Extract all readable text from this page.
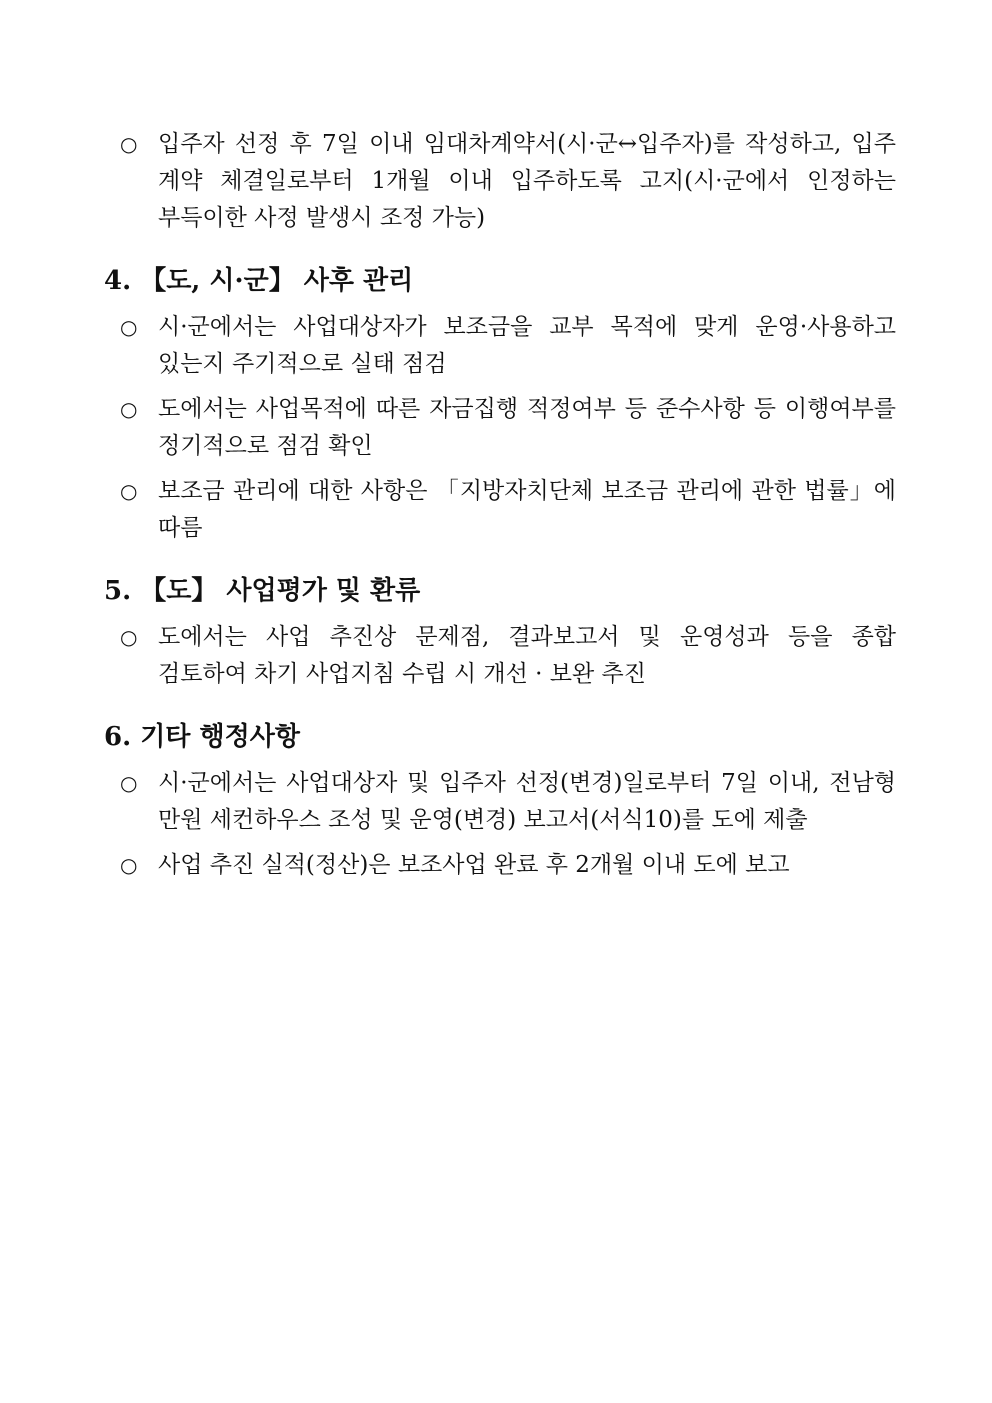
○ 입주자 선정 후 7일 이내 임대차계약서(시·군↔입주자)를 작성하고, 입주 계약 체결일로부터 1개월 이내 입주하도록 고지(시·군에서 인정하는 부득이한 사정 발생시 조정 가능)
4. 【도, 시·군】 사후 관리
○ 시·군에서는 사업대상자가 보조금을 교부 목적에 맞게 운영·사용하고 있는지 주기적으로 실태 점검
○ 도에서는 사업목적에 따른 자금집행 적정여부 등 준수사항 등 이행여부를 정기적으로 점검 확인
○ 보조금 관리에 대한 사항은 「지방자치단체 보조금 관리에 관한 법률」에 따름
5. 【도】 사업평가 및 환류
○ 도에서는 사업 추진상 문제점, 결과보고서 및 운영성과 등을 종합 검토하여 차기 사업지침 수립 시 개선 · 보완 추진
6. 기타 행정사항
○ 시·군에서는 사업대상자 및 입주자 선정(변경)일로부터 7일 이내, 전남형 만원 세컨하우스 조성 및 운영(변경) 보고서(서식10)를 도에 제출
○ 사업 추진 실적(정산)은 보조사업 완료 후 2개월 이내 도에 보고
